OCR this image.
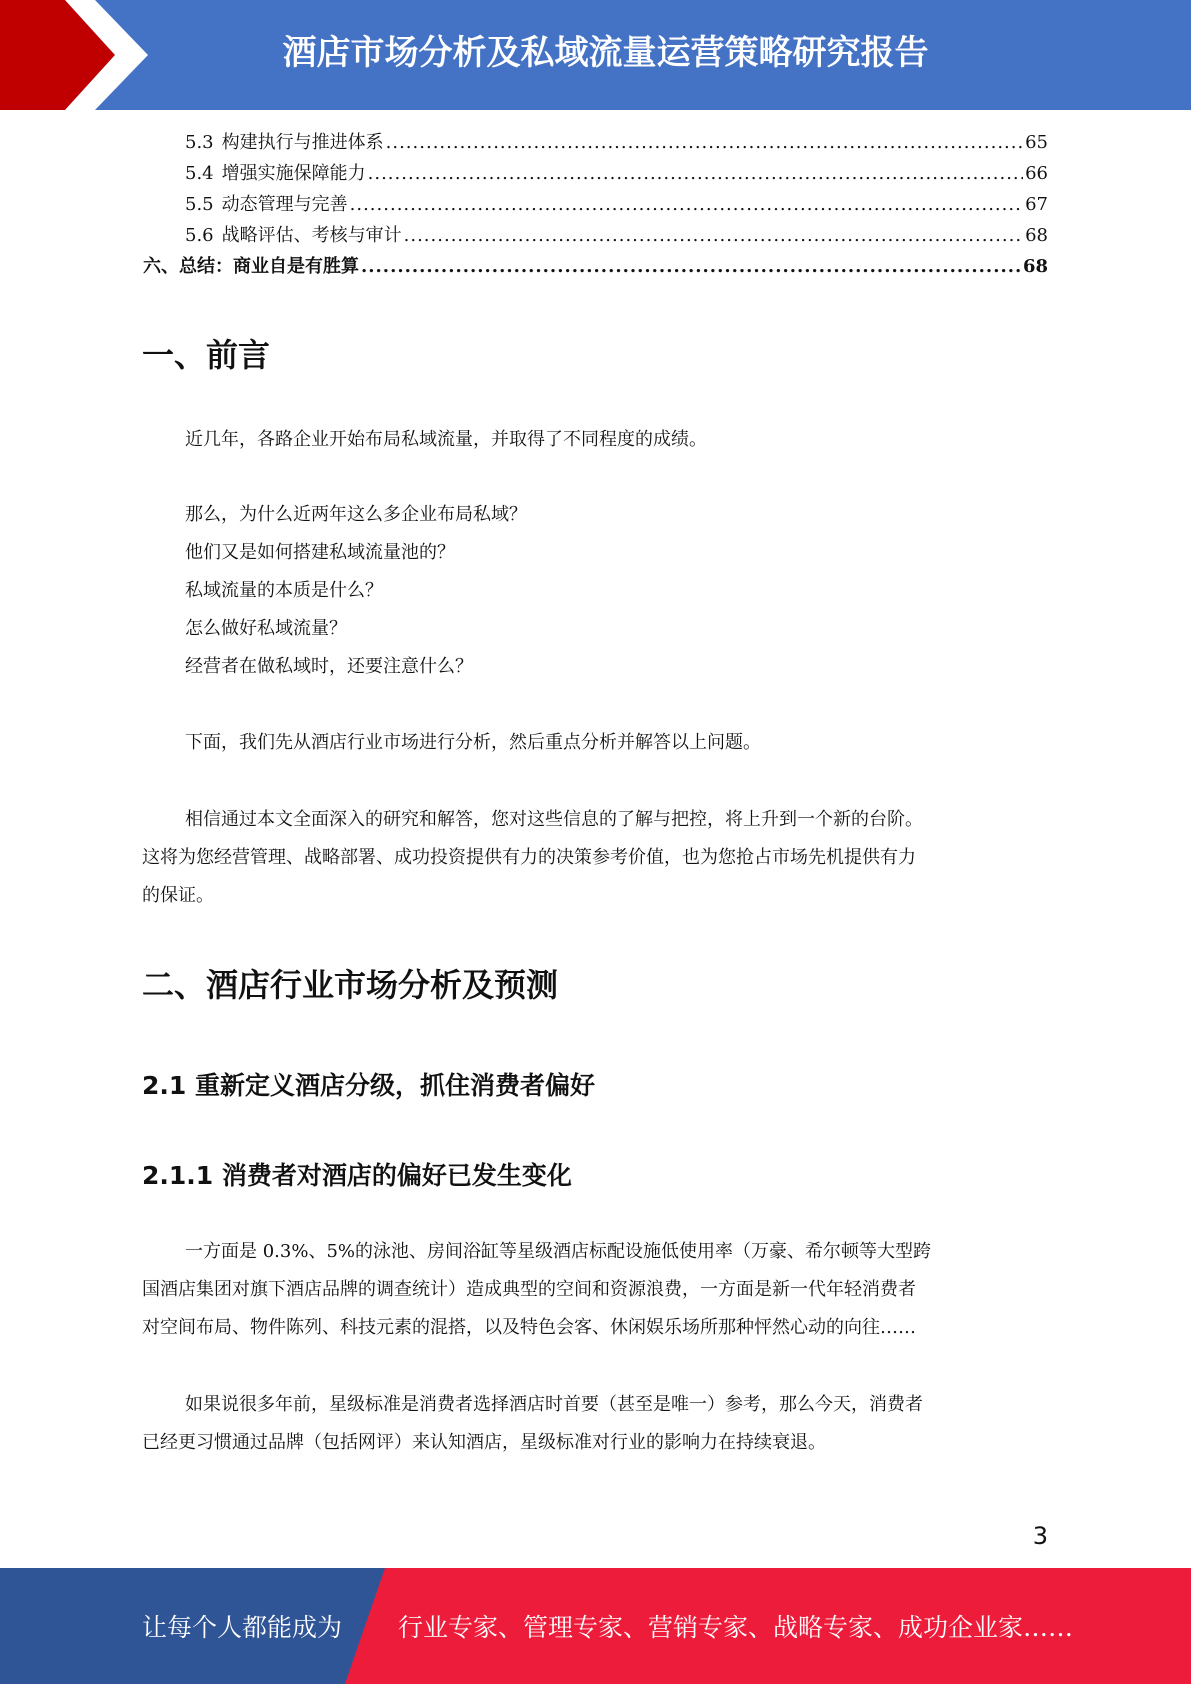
酒店市场分析及私域流量运营策略研究报告
5.3 构建执行与推进体系 .....	65
5.4 增强实施保障能力 .....	66
5.5 动态管理与完善 .....	67
5.6 战略评估、考核与审计 .....	68
六、总结：商业自是有胜算 .....	68
一、前言
近几年，各路企业开始布局私域流量，并取得了不同程度的成绩。
那么，为什么近两年这么多企业布局私域？
他们又是如何搭建私域流量池的？
私域流量的本质是什么？
怎么做好私域流量？
经营者在做私域时，还要注意什么？
下面，我们先从酒店行业市场进行分析，然后重点分析并解答以上问题。
相信通过本文全面深入的研究和解答，您对这些信息的了解与把控，将上升到一个新的台阶。
这将为您经营管理、战略部署、成功投资提供有力的决策参考价值，也为您抢占市场先机提供有力
的保证。
二、酒店行业市场分析及预测
2.1 重新定义酒店分级，抓住消费者偏好
2.1.1 消费者对酒店的偏好已发生变化
一方面是 0.3%、5%的泳池、房间浴缸等星级酒店标配设施低使用率（万豪、希尔顿等大型跨
国酒店集团对旗下酒店品牌的调查统计）造成典型的空间和资源浪费，一方面是新一代年轻消费者
对空间布局、物件陈列、科技元素的混搭，以及特色会客、休闲娱乐场所那种怦然心动的向往……
如果说很多年前，星级标准是消费者选择酒店时首要（甚至是唯一）参考，那么今天，消费者
已经更习惯通过品牌（包括网评）来认知酒店，星级标准对行业的影响力在持续衰退。
3
让每个人都能成为 行业专家、管理专家、营销专家、战略专家、成功企业家……
